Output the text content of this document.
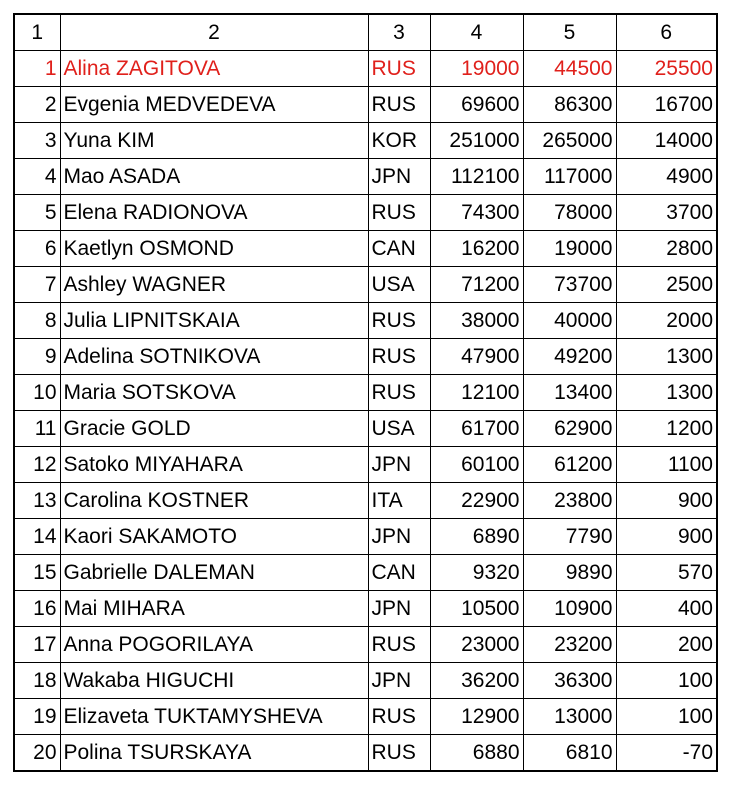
1	2	3	4	5	6
1	Alina ZAGITOVA	RUS	19000	44500	25500
2	Evgenia MEDVEDEVA	RUS	69600	86300	16700
3	Yuna KIM	KOR	251000	265000	14000
4	Mao ASADA	JPN	112100	117000	4900
5	Elena RADIONOVA	RUS	74300	78000	3700
6	Kaetlyn OSMOND	CAN	16200	19000	2800
7	Ashley WAGNER	USA	71200	73700	2500
8	Julia LIPNITSKAIA	RUS	38000	40000	2000
9	Adelina SOTNIKOVA	RUS	47900	49200	1300
10	Maria SOTSKOVA	RUS	12100	13400	1300
11	Gracie GOLD	USA	61700	62900	1200
12	Satoko MIYAHARA	JPN	60100	61200	1100
13	Carolina KOSTNER	ITA	22900	23800	900
14	Kaori SAKAMOTO	JPN	6890	7790	900
15	Gabrielle DALEMAN	CAN	9320	9890	570
16	Mai MIHARA	JPN	10500	10900	400
17	Anna POGORILAYA	RUS	23000	23200	200
18	Wakaba HIGUCHI	JPN	36200	36300	100
19	Elizaveta TUKTAMYSHEVA	RUS	12900	13000	100
20	Polina TSURSKAYA	RUS	6880	6810	-70
